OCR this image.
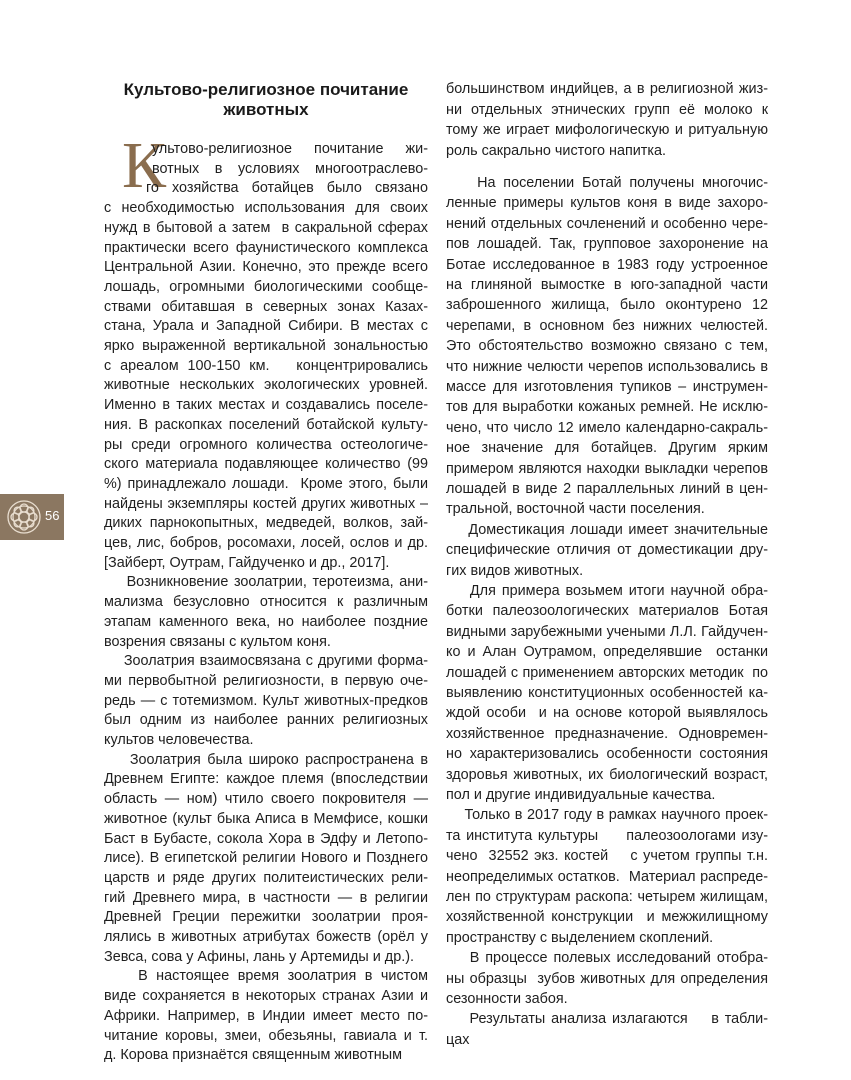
Культово-религиозное почитание
животных
К
ультово-религиозное   почитание   жи-
вотных  в  условиях  многоотраслево-
го хозяйства ботайцев было связано
с необходимостью использования для своих
нужд в бытовой а затем  в сакральной сферах
практически всего фаунистического комплекса
Центральной Азии. Конечно, это прежде всего
лошадь, огромными биологическими сообще-
ствами обитавшая в северных зонах Казах-
стана, Урала и Западной Сибири. В местах с
ярко выраженной вертикальной зональностью
с ареалом 100-150 км.   концентрировались
животные нескольких экологических уровней.
Именно в таких местах и создавались поселе-
ния. В раскопках поселений ботайской культу-
ры среди огромного количества остеологиче-
ского материала подавляющее количество (99
%) принадлежало лошади.  Кроме этого, были
найдены экземпляры костей других животных –
диких парнокопытных, медведей, волков, зай-
цев, лис, бобров, росомахи, лосей, ослов и др.
[Зайберт, Оутрам, Гайдученко и др., 2017].
Возникновение зоолатрии, теротеизма, ани-
мализма безусловно относится к различным
этапам каменного века, но наиболее поздние
возрения связаны с культом коня.
Зоолатрия взаимосвязана с другими форма-
ми первобытной религиозности, в первую оче-
редь — с тотемизмом. Культ животных-предков
был одним из наиболее ранних религиозных
культов человечества.
Зоолатрия была широко распространена в
Древнем Египте: каждое племя (впоследствии
область — ном) чтило своего покровителя —
животное (культ быка Аписа в Мемфисе, кошки
Баст в Бубасте, сокола Хора в Эдфу и Летопо-
лисе). В египетской религии Нового и Позднего
царств и ряде других политеистических рели-
гий Древнего мира, в частности — в религии
Древней Греции пережитки зоолатрии проя-
лялись в животных атрибутах божеств (орёл у
Зевса, сова у Афины, лань у Артемиды и др.).
В настоящее время зоолатрия в чистом
виде сохраняется в некоторых странах Азии и
Африки. Например, в Индии имеет место по-
читание коровы, змеи, обезьяны, гавиала и т.
д. Корова признаётся священным животным
большинством индийцев, а в религиозной жиз-
ни отдельных этнических групп её молоко к
тому же играет мифологическую и ритуальную
роль сакрально чистого напитка.
На поселении Ботай получены многочис-
ленные примеры культов коня в виде захоро-
нений отдельных сочленений и особенно чере-
пов лошадей. Так, групповое захоронение на
Ботае исследованное в 1983 году устроенное
на глиняной вымостке в юго-западной части
заброшенного жилища, было оконтурено 12
черепами, в основном без нижних челюстей.
Это обстоятельство возможно связано с тем,
что нижние челюсти черепов использовались в
массе для изготовления тупиков – инструмен-
тов для выработки кожаных ремней. Не исклю-
чено, что число 12 имело календарно-сакраль-
ное значение для ботайцев. Другим ярким
примером являются находки выкладки черепов
лошадей в виде 2 параллельных линий в цен-
тральной, восточной части поселения.
Доместикация лошади имеет значительные
специфические отличия от доместикации дру-
гих видов животных.
Для примера возьмем итоги научной обра-
ботки палеозоологических материалов Ботая
видными зарубежными учеными Л.Л. Гайдучен-
ко и Алан Оутрамом, определявшие  останки
лошадей с применением авторских методик  по
выявлению конституционных особенностей ка-
ждой особи  и на основе которой выявлялось
хозяйственное предназначение. Одновремен-
но характеризовались особенности состояния
здоровья животных, их биологический возраст,
пол и другие индивидуальные качества.
Только в 2017 году в рамках научного проек-
та института культуры     палеозоологами изу-
чено  32552 экз. костей    с учетом группы т.н.
неопределимых остатков.  Материал распреде-
лен по структурам раскопа: четырем жилищам,
хозяйственной конструкции  и межжилищному
пространству с выделением скоплений.
В процессе полевых исследований отобра-
ны образцы  зубов животных для определения
сезонности забоя.
Результаты анализа излагаются    в табли-
цах
56
